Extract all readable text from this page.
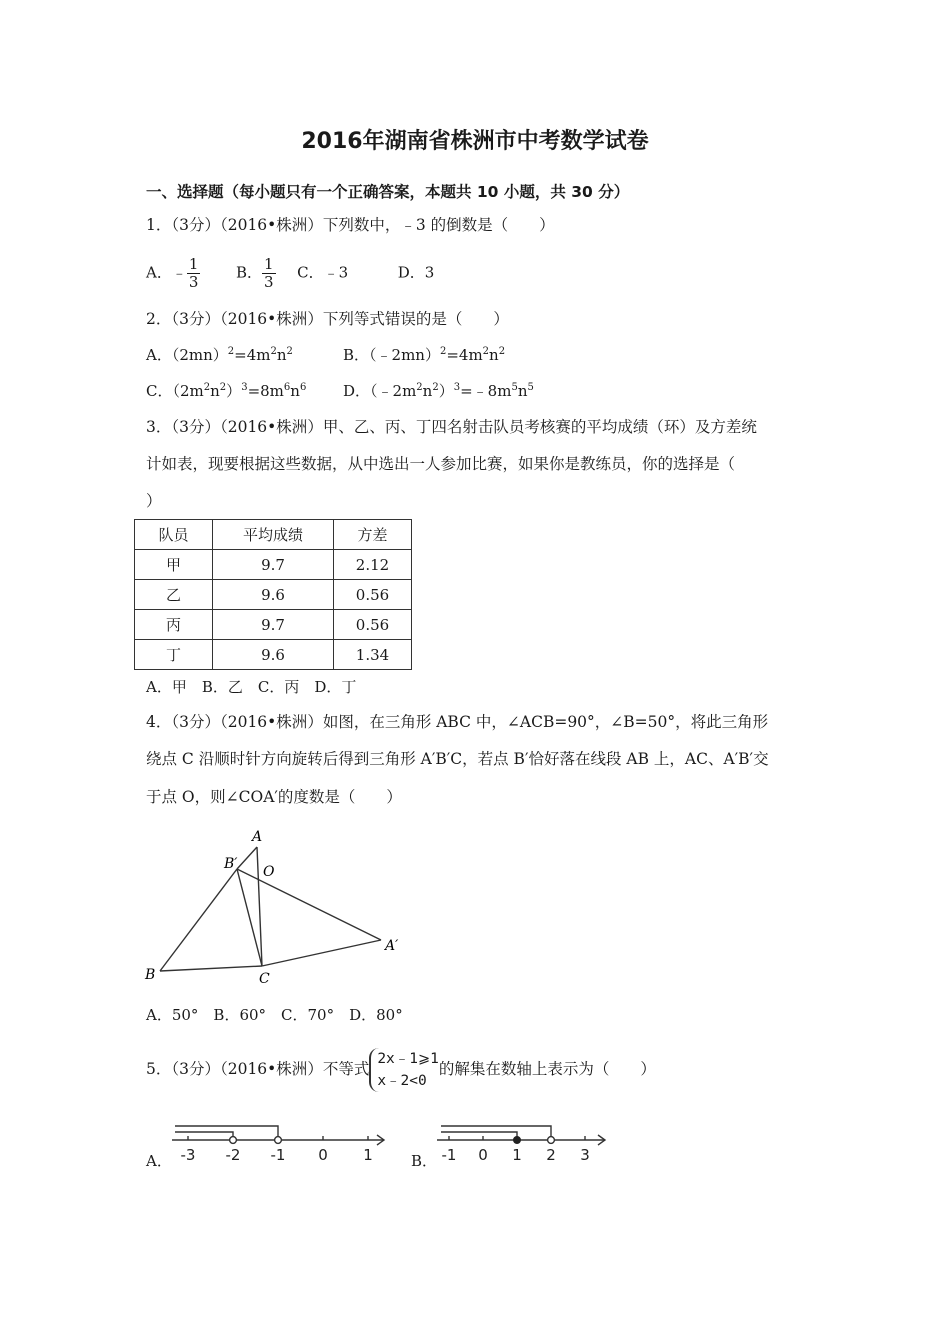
2016年湖南省株洲市中考数学试卷
一、选择题（每小题只有一个正确答案，本题共 10 小题，共 30 分）
1．（3分）（2016•株洲）下列数中，﹣3 的倒数是（　　）
A．﹣ $\frac{1}{3}$ B． $\frac{1}{3}$ C．﹣3	D．3
2．（3分）（2016•株洲）下列等式错误的是（　　）
A．$(2mn)^2=4m^2n^2$	B．$(﹣2mn)^2=4m^2n^2$
C．$(2m^2n^2)^3=8m^6n^6$ D．$(﹣2m^2n^2)^3=﹣8m^5n^5$
3．（3分）（2016•株洲）甲、乙、丙、丁四名射击队员考核赛的平均成绩（环）及方差统
计如表，现要根据这些数据，从中选出一人参加比赛，如果你是教练员，你的选择是（
）
队员	平均成绩	方差
甲	9.7	2.12
乙	9.6	0.56
丙	9.7	0.56
丁	9.6	1.34
A．甲　B．乙　C．丙　D．丁
4．（3分）（2016•株洲）如图，在三角形 ABC 中，∠ACB=90°，∠B=50°，将此三角形
绕点 C 沿顺时针方向旋转后得到三角形 A′B′C，若点 B′恰好落在线段 AB 上，AC、A′B′交
于点 O，则∠COA′的度数是（　　）
A
B′ O
A′
B	C
A．50°　B．60°　C．70°　D．80°
5．（3分）（2016•株洲）不等式
2x﹣1⩾1
x﹣2<0
的解集在数轴上表示为（　　）
A． -3 -2 -1 0 1	B． -1 0 1 2 3
